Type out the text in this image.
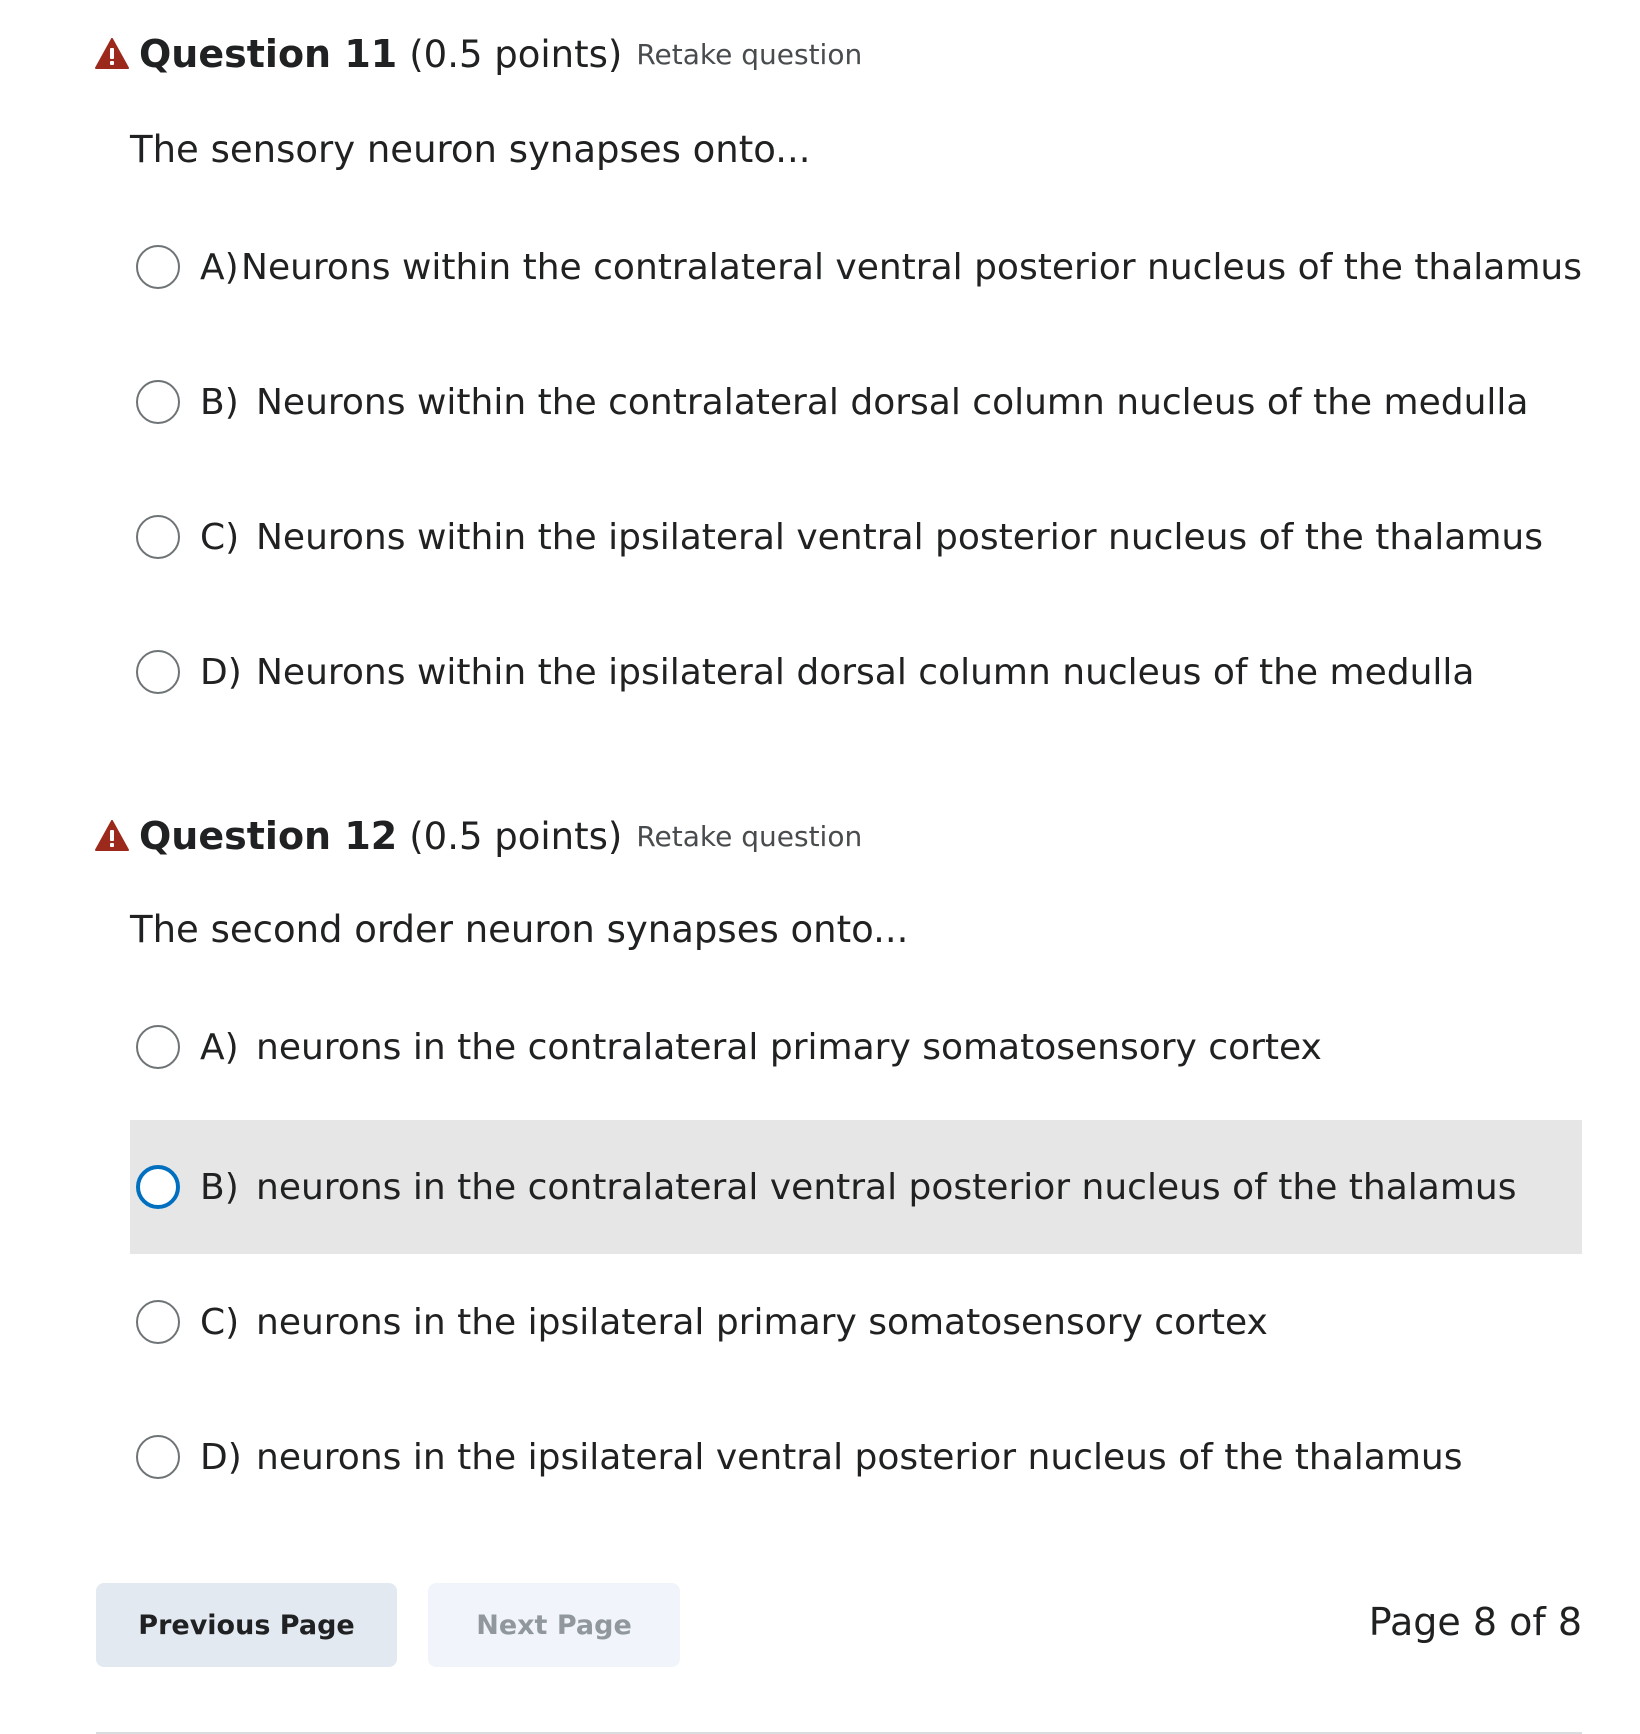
Question 11 (0.5 points) Retake question
The sensory neuron synapses onto...
A) Neurons within the contralateral ventral posterior nucleus of the thalamus
B) Neurons within the contralateral dorsal column nucleus of the medulla
C) Neurons within the ipsilateral ventral posterior nucleus of the thalamus
D) Neurons within the ipsilateral dorsal column nucleus of the medulla
Question 12 (0.5 points) Retake question
The second order neuron synapses onto...
A) neurons in the contralateral primary somatosensory cortex
B) neurons in the contralateral ventral posterior nucleus of the thalamus
C) neurons in the ipsilateral primary somatosensory cortex
D) neurons in the ipsilateral ventral posterior nucleus of the thalamus
Previous Page	Next Page	Page 8 of 8
